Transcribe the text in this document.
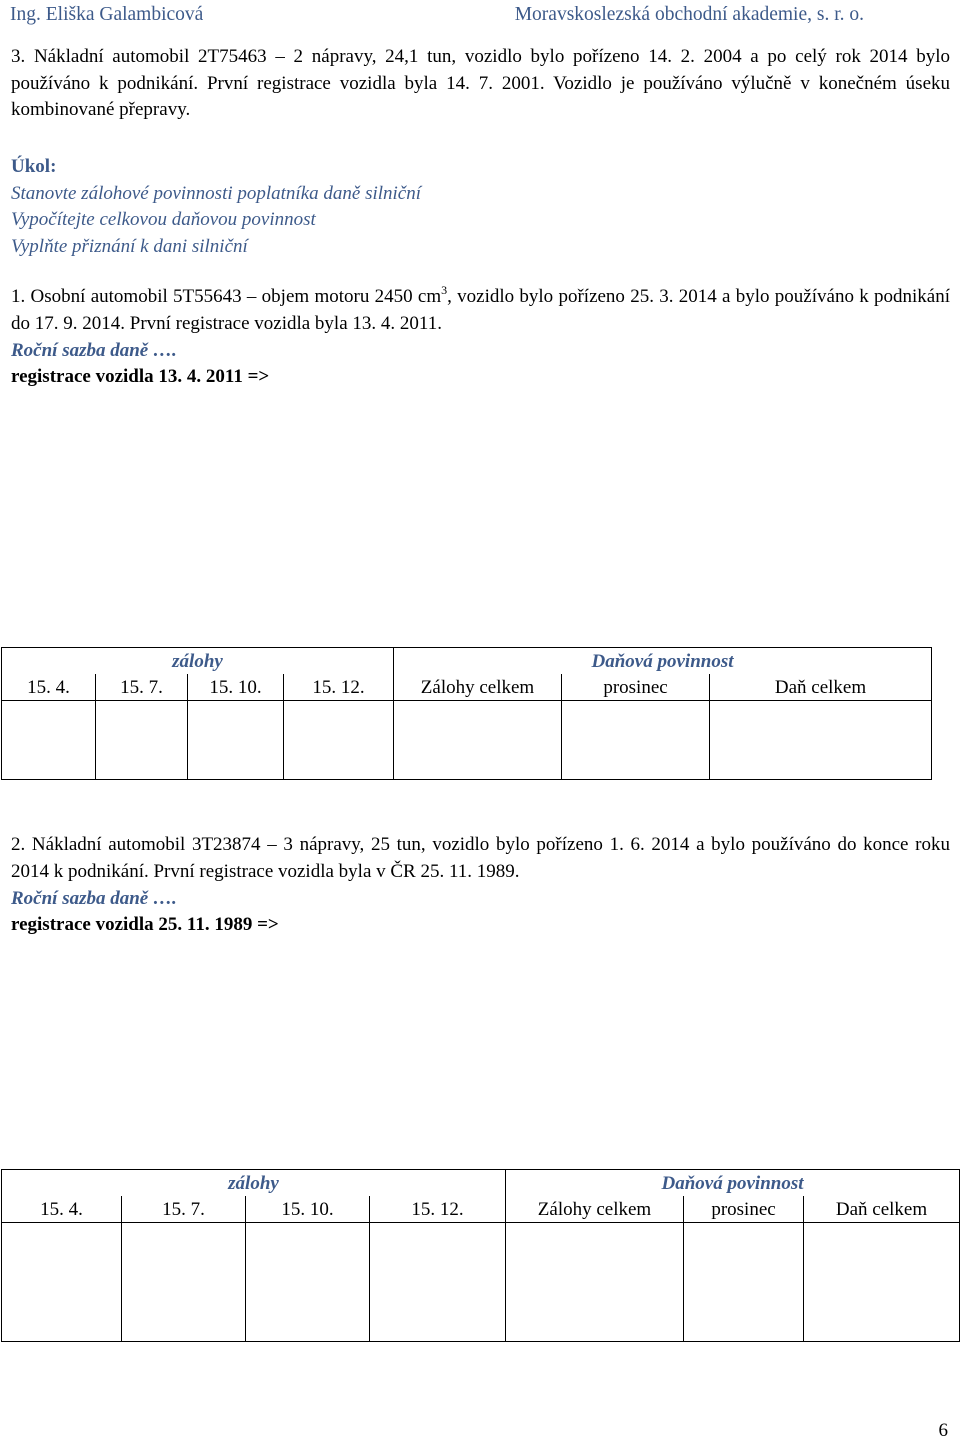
Ing. Eliška Galambicová	Moravskoslezská obchodní akademie, s. r. o.
3. Nákladní automobil 2T75463 – 2 nápravy, 24,1 tun, vozidlo bylo pořízeno 14. 2. 2004 a po celý rok 2014 bylo používáno k podnikání. První registrace vozidla byla 14. 7. 2001. Vozidlo je používáno výlučně v konečném úseku kombinované přepravy.
Úkol:
Stanovte zálohové povinnosti poplatníka daně silniční
Vypočítejte celkovou daňovou povinnost
Vyplňte přiznání k dani silniční
1. Osobní automobil 5T55643 – objem motoru 2450 $cm^3$, vozidlo bylo pořízeno 25. 3. 2014 a bylo používáno k podnikání do 17. 9. 2014. První registrace vozidla byla 13. 4. 2011.
Roční sazba daně ….
registrace vozidla 13. 4. 2011 =>
zálohy				Daňová povinnost		
15. 4.	15. 7.	15. 10.	15. 12.	Zálohy celkem	prosinec	Daň celkem

2. Nákladní automobil 3T23874 – 3 nápravy, 25 tun, vozidlo bylo pořízeno 1. 6. 2014 a bylo používáno do konce roku 2014 k podnikání. První registrace vozidla byla v ČR 25. 11. 1989.
Roční sazba daně ….
registrace vozidla 25. 11. 1989 =>
zálohy				Daňová povinnost		
15. 4.	15. 7.	15. 10.	15. 12.	Zálohy celkem	prosinec	Daň celkem

6
